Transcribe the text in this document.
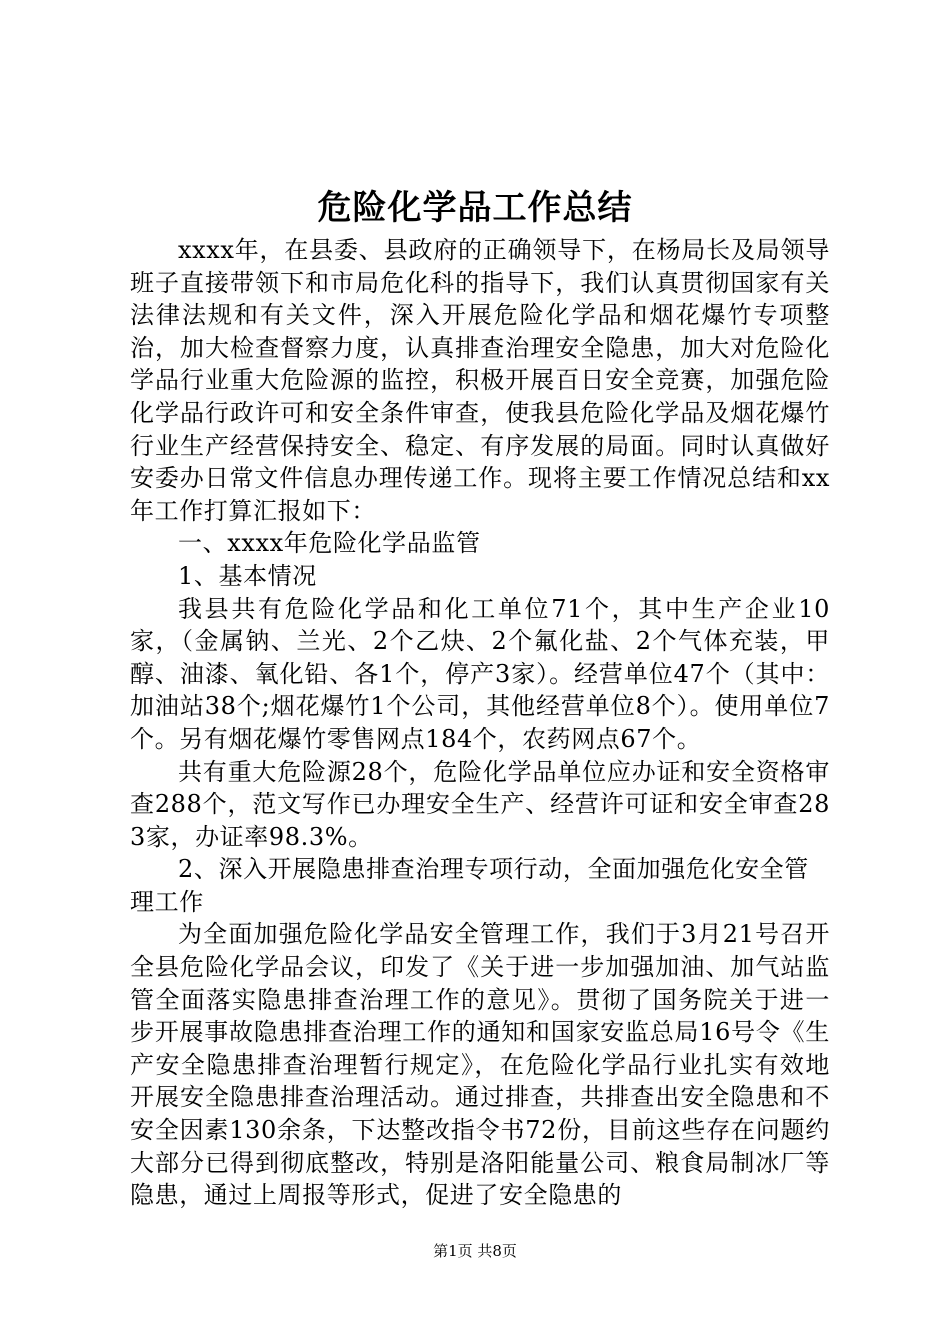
危险化学品工作总结

xxxx年，在县委、县政府的正确领导下，在杨局长及局领导班子直接带领下和市局危化科的指导下，我们认真贯彻国家有关法律法规和有关文件，深入开展危险化学品和烟花爆竹专项整治，加大检查督察力度，认真排查治理安全隐患，加大对危险化学品行业重大危险源的监控，积极开展百日安全竞赛，加强危险化学品行政许可和安全条件审查，使我县危险化学品及烟花爆竹行业生产经营保持安全、稳定、有序发展的局面。同时认真做好安委办日常文件信息办理传递工作。现将主要工作情况总结和xx年工作打算汇报如下：

一、xxxx年危险化学品监管

1、基本情况

我县共有危险化学品和化工单位71个，其中生产企业10家，（金属钠、兰光、2个乙炔、2个氟化盐、2个气体充装，甲醇、油漆、氧化铅、各1个，停产3家）。经营单位47个（其中：加油站38个;烟花爆竹1个公司，其他经营单位8个）。使用单位7个。另有烟花爆竹零售网点184个，农药网点67个。

共有重大危险源28个，危险化学品单位应办证和安全资格审查288个，范文写作已办理安全生产、经营许可证和安全审查283家，办证率98.3%。

2、深入开展隐患排查治理专项行动，全面加强危化安全管理工作

为全面加强危险化学品安全管理工作，我们于3月21号召开全县危险化学品会议，印发了《关于进一步加强加油、加气站监管全面落实隐患排查治理工作的意见》。贯彻了国务院关于进一步开展事故隐患排查治理工作的通知和国家安监总局16号令《生产安全隐患排查治理暂行规定》，在危险化学品行业扎实有效地开展安全隐患排查治理活动。通过排查，共排查出安全隐患和不安全因素130余条，下达整改指令书72份，目前这些存在问题约大部分已得到彻底整改，特别是洛阳能量公司、粮食局制冰厂等隐患，通过上周报等形式，促进了安全隐患的

第1页 共8页
